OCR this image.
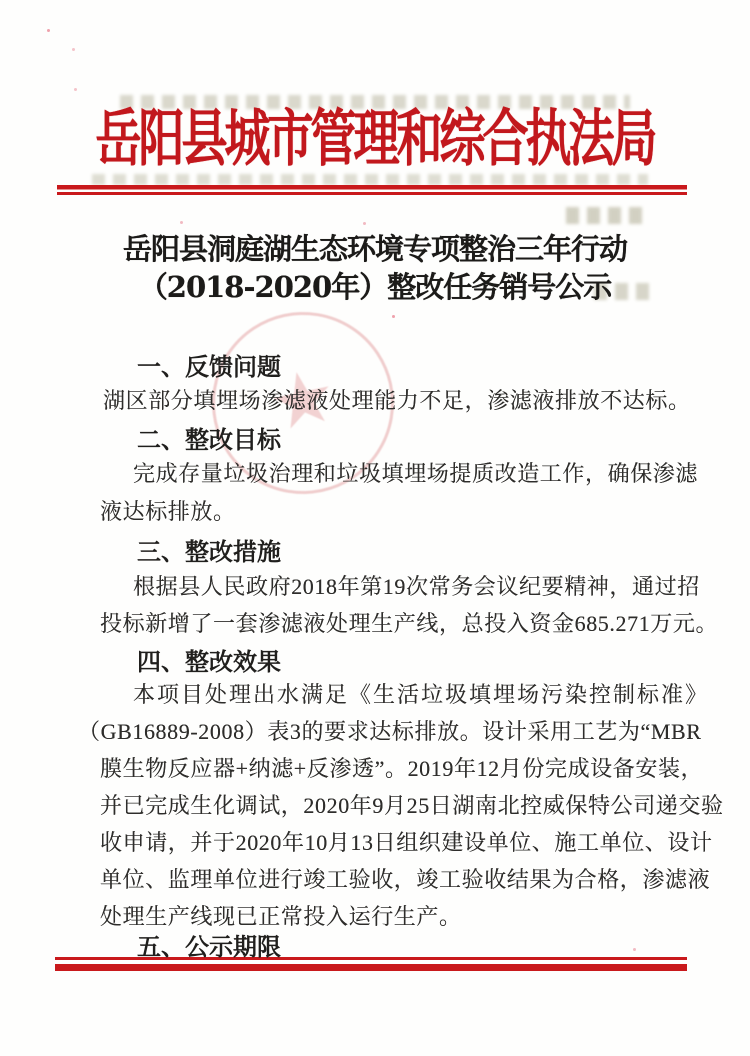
★
岳阳县城市管理和综合执法局
岳阳县洞庭湖生态环境专项整治三年行动
（2018-2020年）整改任务销号公示
一、反馈问题
湖区部分填埋场渗滤液处理能力不足，渗滤液排放不达标。
二、整改目标
完成存量垃圾治理和垃圾填埋场提质改造工作，确保渗滤
液达标排放。
三、整改措施
根据县人民政府2018年第19次常务会议纪要精神，通过招
投标新增了一套渗滤液处理生产线，总投入资金685.271万元。
四、整改效果
本项目处理出水满足《生活垃圾填埋场污染控制标准》
（GB16889-2008）表3的要求达标排放。设计采用工艺为“MBR
膜生物反应器+纳滤+反渗透”。2019年12月份完成设备安装，
并已完成生化调试，2020年9月25日湖南北控威保特公司递交验
收申请，并于2020年10月13日组织建设单位、施工单位、设计
单位、监理单位进行竣工验收，竣工验收结果为合格，渗滤液
处理生产线现已正常投入运行生产。
五、公示期限
